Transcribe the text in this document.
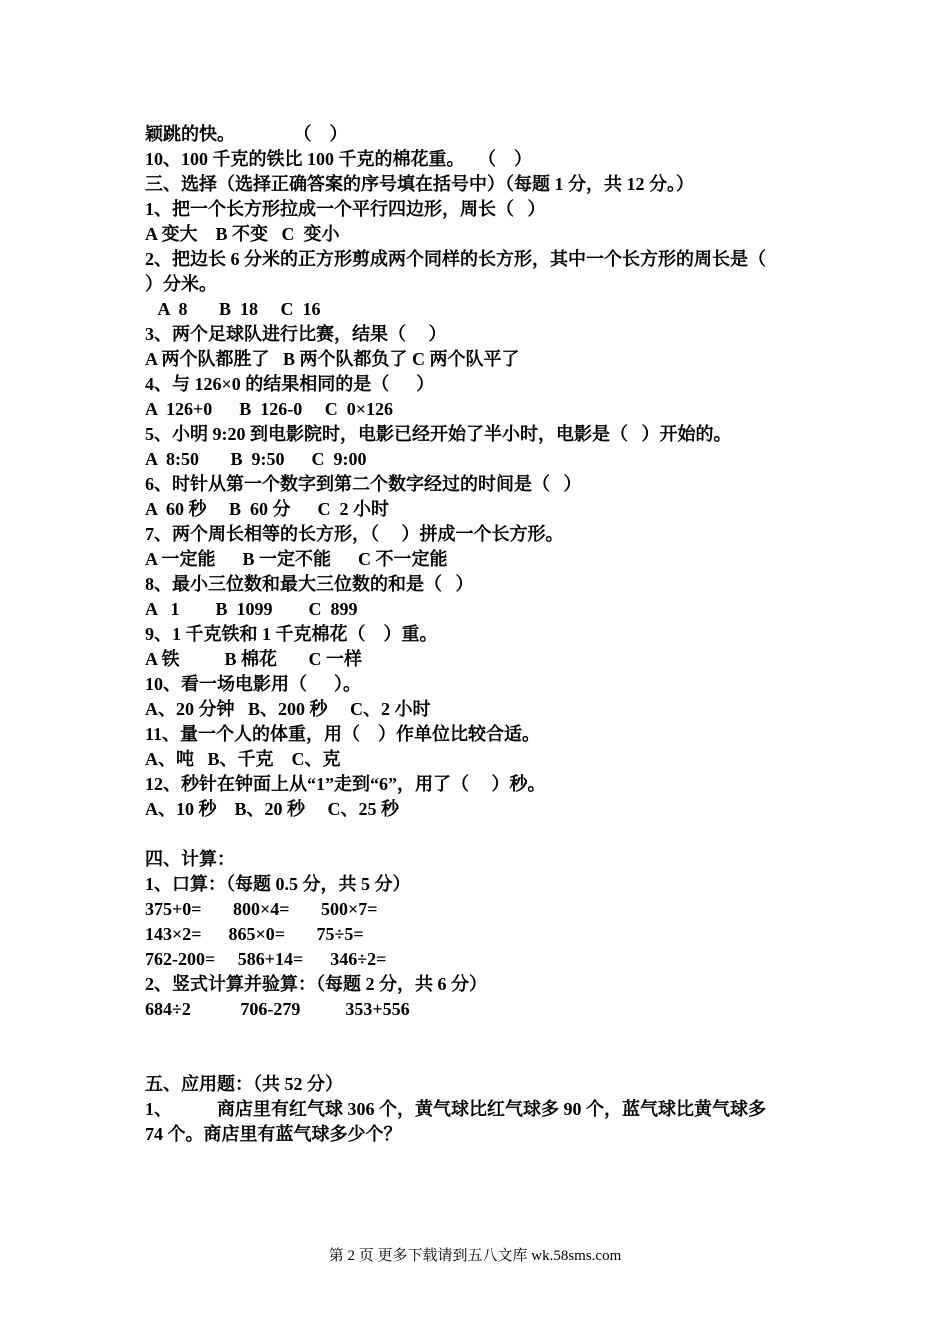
颖跳的快。             （    ）
10、100 千克的铁比 100 千克的棉花重。   （    ）
三、选择（选择正确答案的序号填在括号中）（每题 1 分，共 12 分。）
1、把一个长方形拉成一个平行四边形，周长（   ）
A 变大    B 不变   C  变小
2、把边长 6 分米的正方形剪成两个同样的长方形，其中一个长方形的周长是（
）分米。
A  8       B  18     C  16
3、两个足球队进行比赛，结果（     ）
A 两个队都胜了   B 两个队都负了 C 两个队平了
4、与 126×0 的结果相同的是（      ）
A  126+0      B  126-0     C  0×126
5、小明 9:20 到电影院时，电影已经开始了半小时，电影是（   ）开始的。
A  8:50       B  9:50      C  9:00
6、时针从第一个数字到第二个数字经过的时间是（   ）
A  60 秒     B  60 分      C  2 小时
7、两个周长相等的长方形，（     ）拼成一个长方形。
A 一定能      B 一定不能      C 不一定能
8、最小三位数和最大三位数的和是（   ）
A   1        B  1099        C  899
9、1 千克铁和 1 千克棉花（    ）重。
A 铁          B 棉花       C 一样
10、看一场电影用（      ）。
A、20 分钟   B、200 秒     C、2 小时
11、量一个人的体重，用（    ）作单位比较合适。
A、吨   B、千克    C、克
12、秒针在钟面上从“1”走到“6”，用了（     ）秒。
A、10 秒    B、20 秒     C、25 秒
四、计算：
1、口算：（每题 0.5 分，共 5 分）
375+0=       800×4=       500×7=
143×2=      865×0=       75÷5=
762-200=     586+14=      346÷2=
2、竖式计算并验算：（每题 2 分，共 6 分）
684÷2           706-279          353+556
五、应用题：（共 52 分）
1、          商店里有红气球 306 个，黄气球比红气球多 90 个，蓝气球比黄气球多
74 个。商店里有蓝气球多少个？
第 2 页 更多下载请到五八文库 wk.58sms.com
